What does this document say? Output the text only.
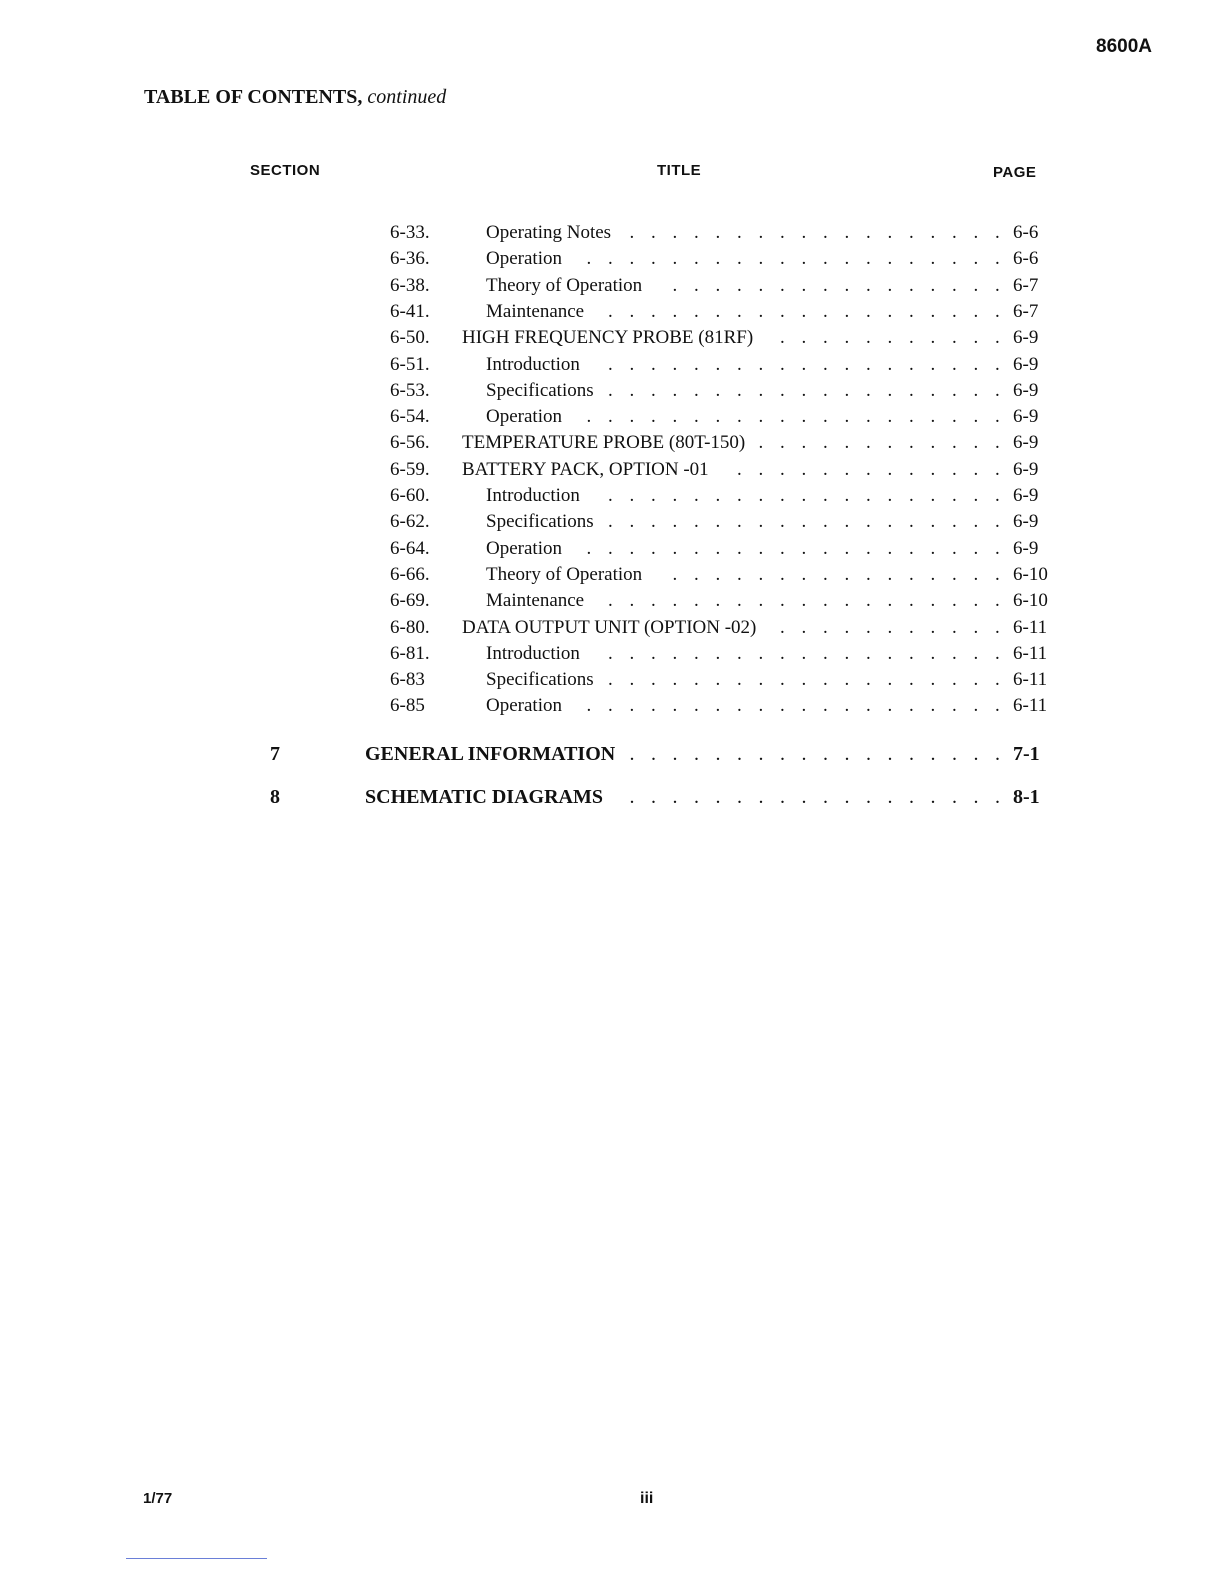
8600A
TABLE OF CONTENTS, continued
SECTION	TITLE	PAGE
6-33.	Operating Notes	6-6
.
.
.
.
.
.
.
.
.
.
.
.
.
.
.
.
.
.
6-36.	Operation	6-6
.
.
.
.
.
.
.
.
.
.
.
.
.
.
.
.
.
.
.
.
6-38.	Theory of Operation	6-7
.
.
.
.
.
.
.
.
.
.
.
.
.
.
.
.
6-41.	Maintenance	6-7
.
.
.
.
.
.
.
.
.
.
.
.
.
.
.
.
.
.
.
6-50. HIGH FREQUENCY PROBE (81RF)	6-9
.
.
.
.
.
.
.
.
.
.
.
6-51.	Introduction	6-9
.
.
.
.
.
.
.
.
.
.
.
.
.
.
.
.
.
.
.
6-53.	Specifications	6-9
.
.
.
.
.
.
.
.
.
.
.
.
.
.
.
.
.
.
.
6-54.	Operation	6-9
.
.
.
.
.
.
.
.
.
.
.
.
.
.
.
.
.
.
.
.
6-56. TEMPERATURE PROBE (80T-150)	6-9
.
.
.
.
.
.
.
.
.
.
.
.
6-59. BATTERY PACK, OPTION -01	6-9
.
.
.
.
.
.
.
.
.
.
.
.
.
6-60.	Introduction	6-9
.
.
.
.
.
.
.
.
.
.
.
.
.
.
.
.
.
.
.
6-62.	Specifications	6-9
.
.
.
.
.
.
.
.
.
.
.
.
.
.
.
.
.
.
.
6-64.	Operation	6-9
.
.
.
.
.
.
.
.
.
.
.
.
.
.
.
.
.
.
.
.
6-66.	Theory of Operation	6-10
.
.
.
.
.
.
.
.
.
.
.
.
.
.
.
.
6-69.	Maintenance	6-10
.
.
.
.
.
.
.
.
.
.
.
.
.
.
.
.
.
.
.
6-80. DATA OUTPUT UNIT (OPTION -02)	6-11
.
.
.
.
.
.
.
.
.
.
.
6-81.	Introduction	6-11
.
.
.
.
.
.
.
.
.
.
.
.
.
.
.
.
.
.
.
6-83	Specifications	6-11
.
.
.
.
.
.
.
.
.
.
.
.
.
.
.
.
.
.
.
6-85	Operation	6-11
.
.
.
.
.
.
.
.
.
.
.
.
.
.
.
.
.
.
.
.
7	GENERAL INFORMATION	7-1
.
.
.
.
.
.
.
.
.
.
.
.
.
.
.
.
.
.
8	SCHEMATIC DIAGRAMS	8-1
.
.
.
.
.
.
.
.
.
.
.
.
.
.
.
.
.
.
1/77	iii
